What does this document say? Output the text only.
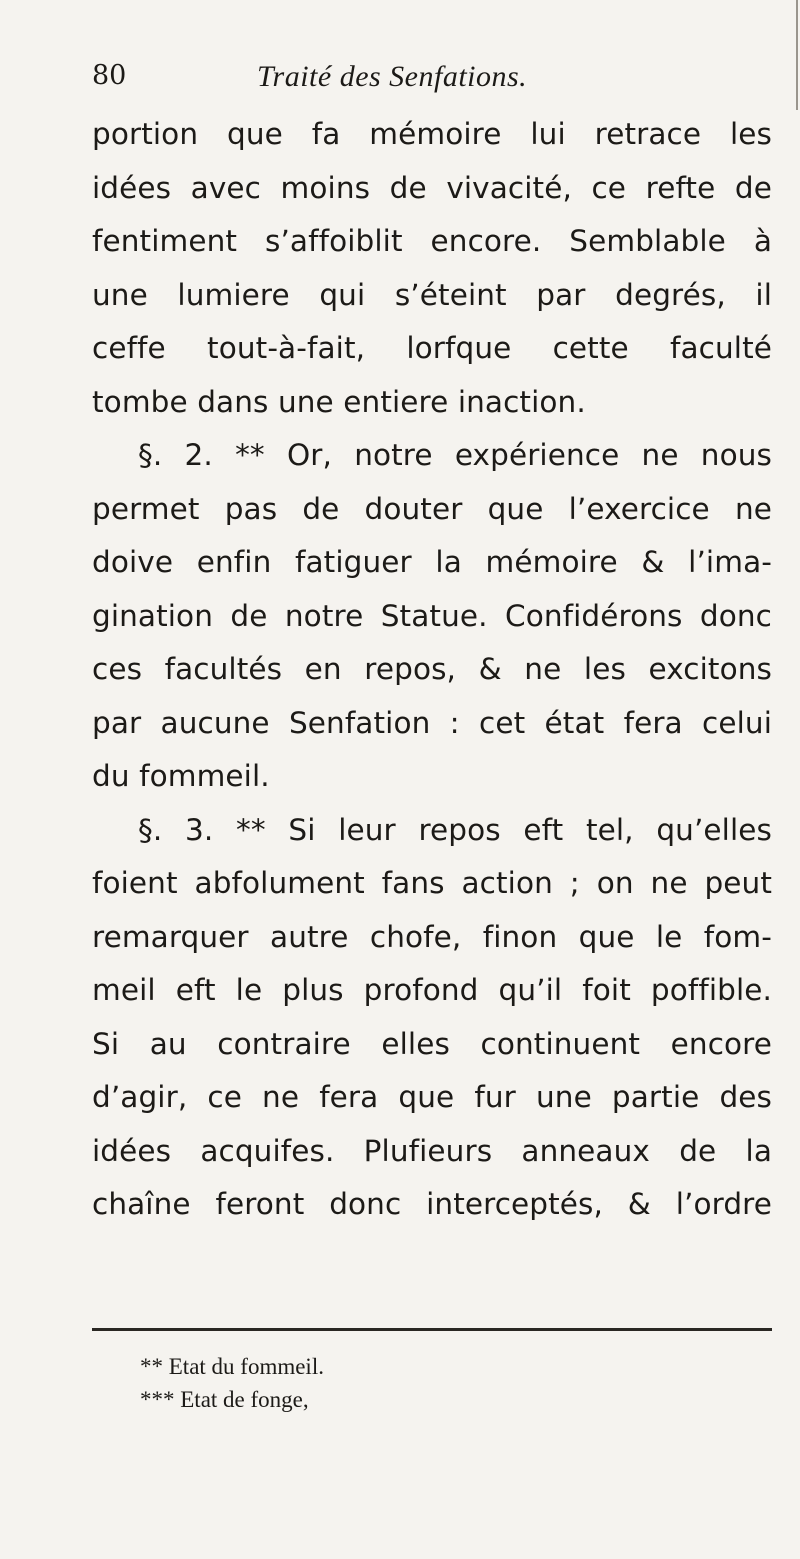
80	Traité des Senfations.
portion que fa mémoire lui retrace les
idées avec moins de vivacité, ce refte de
fentiment s’affoiblit encore. Semblable à
une lumiere qui s’éteint par degrés, il
ceffe tout-à-fait, lorfque cette faculté
tombe dans une entiere inaction.
§. 2. ** Or, notre expérience ne nous
permet pas de douter que l’exercice ne
doive enfin fatiguer la mémoire & l’ima-
gination de notre Statue. Confidérons donc
ces facultés en repos, & ne les excitons
par aucune Senfation : cet état fera celui
du fommeil.
§. 3. ** Si leur repos eft tel, qu’elles
foient abfolument fans action ; on ne peut
remarquer autre chofe, finon que le fom-
meil eft le plus profond qu’il foit poffible.
Si au contraire elles continuent encore
d’agir, ce ne fera que fur une partie des
idées acquifes. Plufieurs anneaux de la
chaîne feront donc interceptés, & l’ordre
** Etat du fommeil.
*** Etat de fonge,
